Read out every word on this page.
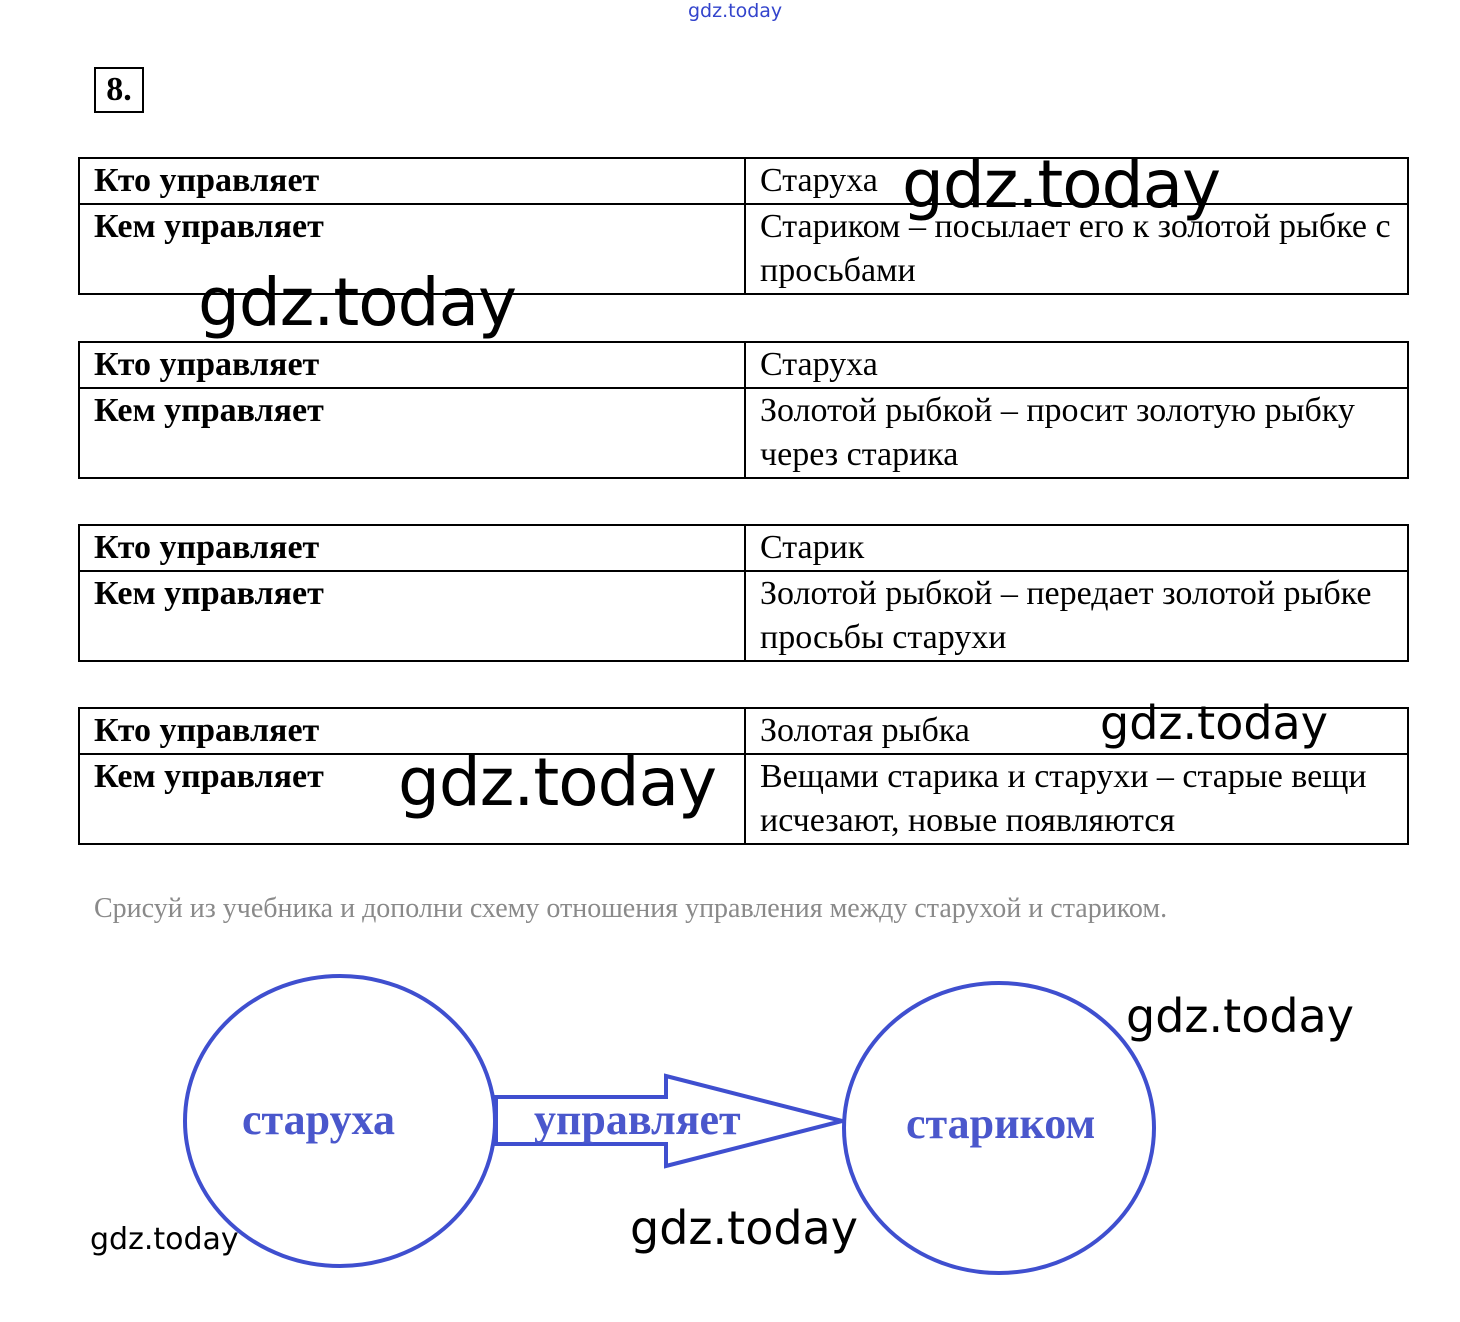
gdz.today
8.
Кто управляет	Старуха
Кем управляет	Стариком – посылает его к золотой рыбке с просьбами
Кто управляет	Старуха
Кем управляет	Золотой рыбкой – просит золотую рыбку через старика
Кто управляет	Старик
Кем управляет	Золотой рыбкой – передает золотой рыбке просьбы старухи
Кто управляет	Золотая рыбка
Кем управляет	Вещами старика и старухи – старые вещи исчезают, новые появляются
gdz.today
gdz.today
gdz.today
gdz.today
Срисуй из учебника и дополни схему отношения управления между старухой и стариком.
старуха	управляет	стариком
gdz.today
gdz.today
gdz.today
